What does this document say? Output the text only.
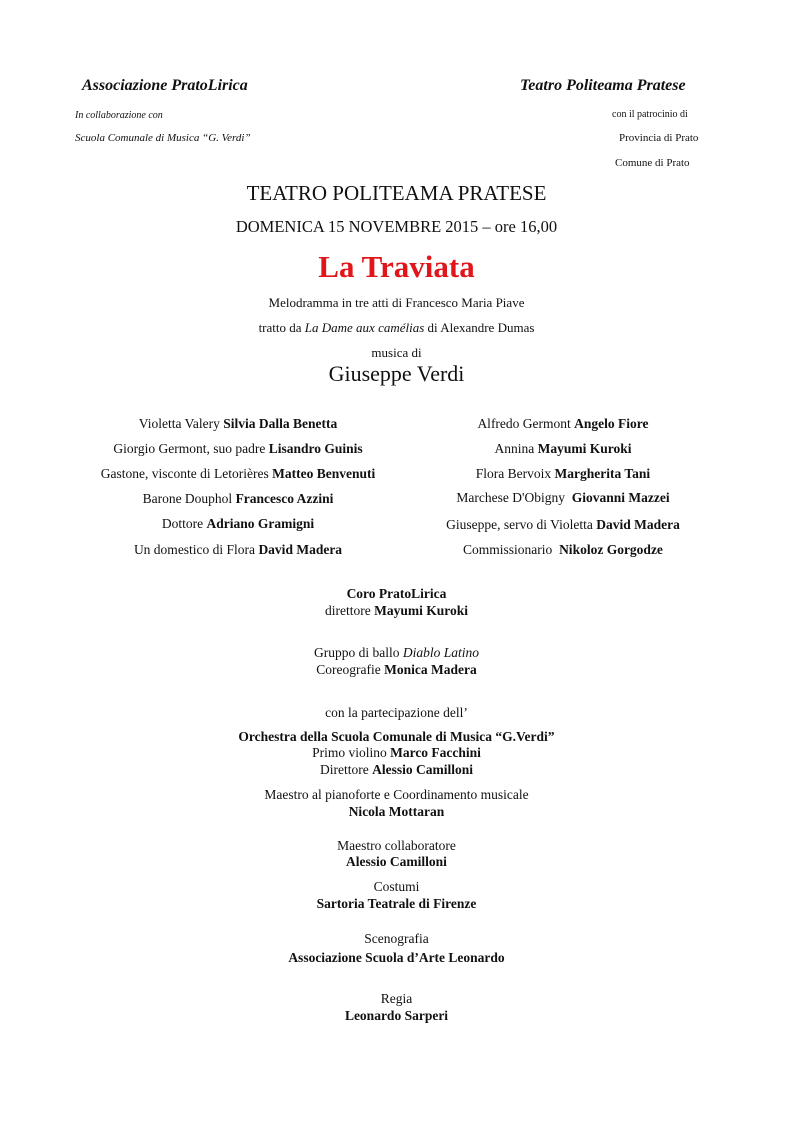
Associazione PratoLirica
In collaborazione con
Scuola Comunale di Musica “G. Verdi”
Teatro Politeama Pratese
con il patrocinio di
Provincia di Prato
Comune di Prato
TEATRO POLITEAMA PRATESE
DOMENICA 15 NOVEMBRE 2015 – ore 16,00
La Traviata
Melodramma in tre atti di Francesco Maria Piave
tratto da La Dame aux camélias di Alexandre Dumas
musica di
Giuseppe Verdi
Violetta Valery Silvia Dalla Benetta
Giorgio Germont, suo padre Lisandro Guinis
Gastone, visconte di Letorières Matteo Benvenuti
Barone Douphol Francesco Azzini
Dottore Adriano Gramigni
Un domestico di Flora David Madera
Alfredo Germont Angelo Fiore
Annina Mayumi Kuroki
Flora Bervoix Margherita Tani
Marchese D'Obigny  Giovanni Mazzei
Giuseppe, servo di Violetta David Madera
Commissionario  Nikoloz Gorgodze
Coro PratoLirica
direttore Mayumi Kuroki
Gruppo di ballo Diablo Latino
Coreografie Monica Madera
con la partecipazione dell’
Orchestra della Scuola Comunale di Musica “G.Verdi”
Primo violino Marco Facchini
Direttore Alessio Camilloni
Maestro al pianoforte e Coordinamento musicale
Nicola Mottaran
Maestro collaboratore
Alessio Camilloni
Costumi
Sartoria Teatrale di Firenze
Scenografia
Associazione Scuola d’Arte Leonardo
Regia
Leonardo Sarperi
